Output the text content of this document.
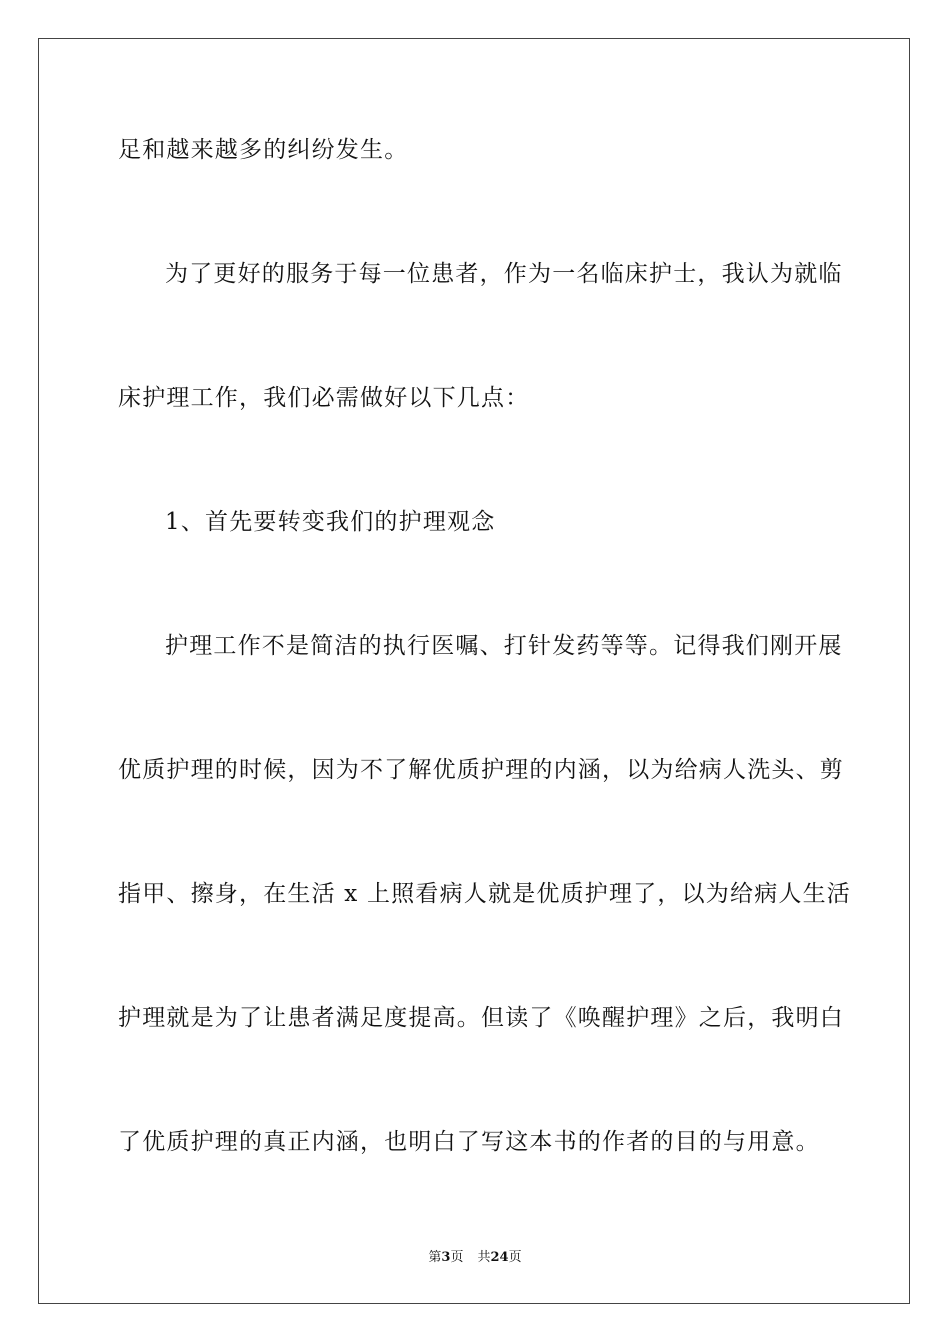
足和越来越多的纠纷发生。
为了更好的服务于每一位患者，作为一名临床护士，我认为就临
床护理工作，我们必需做好以下几点：
1、首先要转变我们的护理观念
护理工作不是简洁的执行医嘱、打针发药等等。记得我们刚开展
优质护理的时候，因为不了解优质护理的内涵，以为给病人洗头、剪
指甲、擦身，在生活 x 上照看病人就是优质护理了，以为给病人生活
护理就是为了让患者满足度提高。但读了《唤醒护理》之后，我明白
了优质护理的真正内涵，也明白了写这本书的作者的目的与用意。
第3页 共24页
